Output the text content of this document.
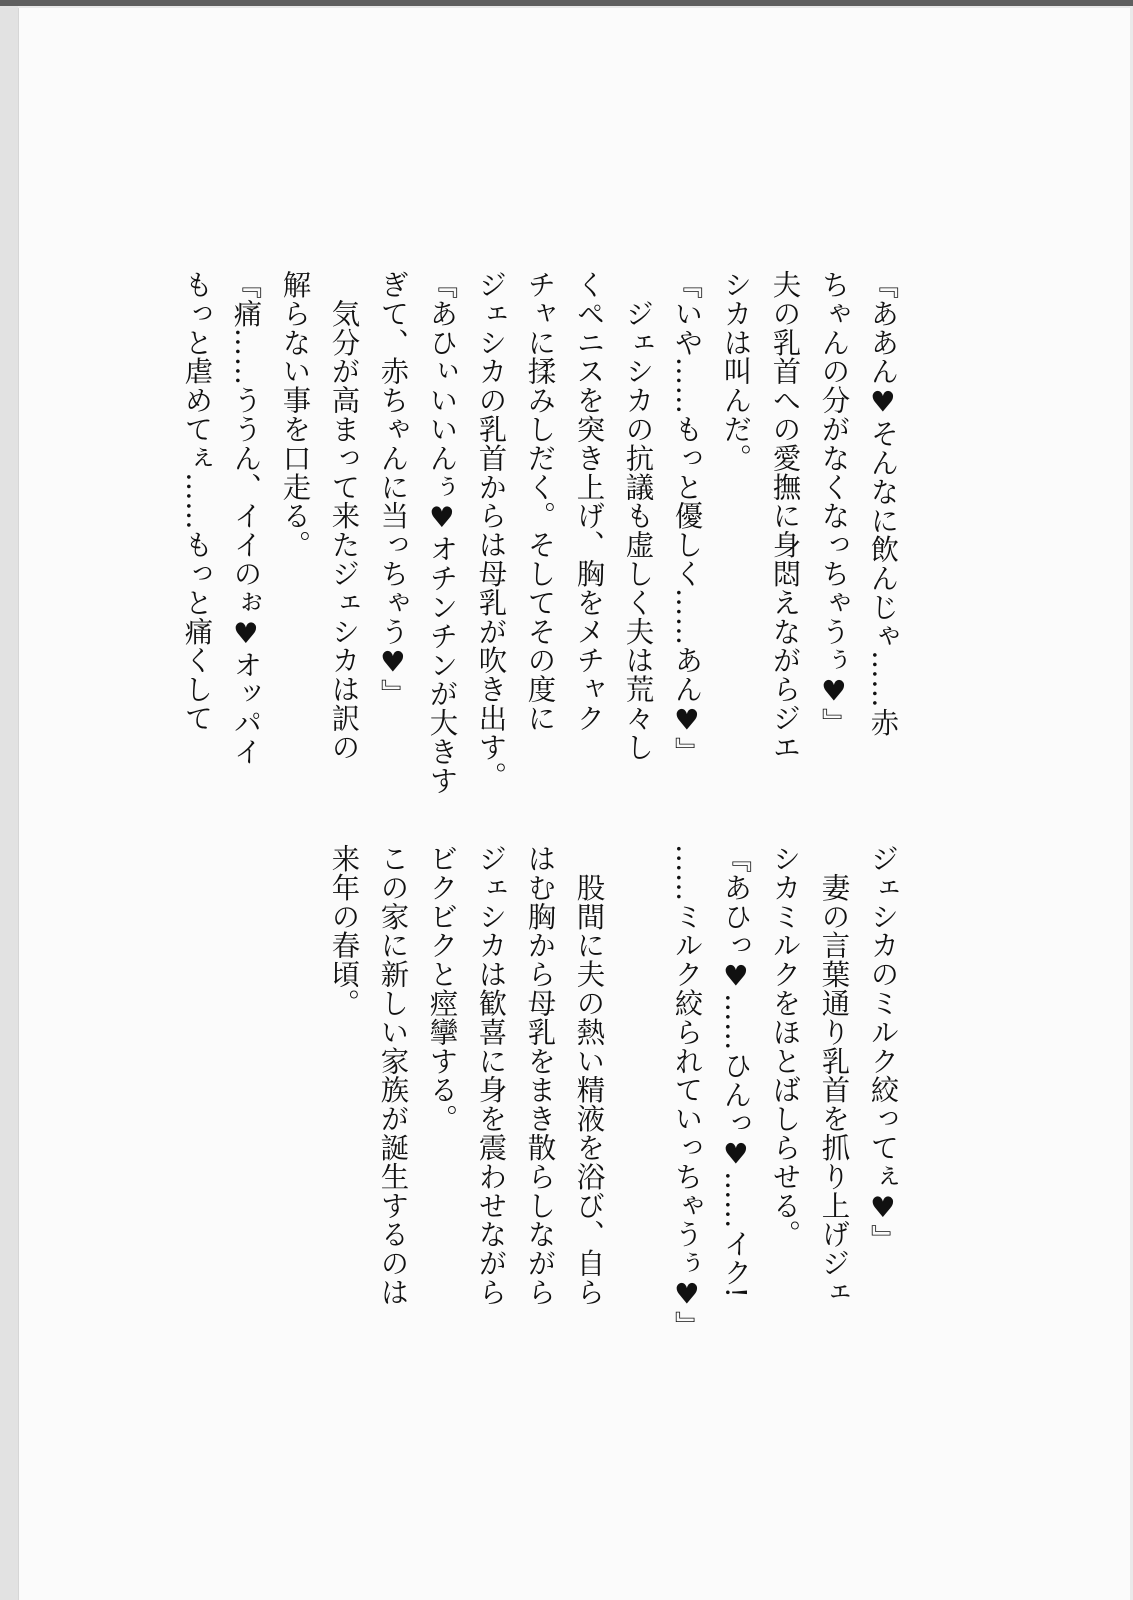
『ああん♥そんなに飲んじゃ……赤
ちゃんの分がなくなっちゃうぅ♥』
夫の乳首への愛撫に身悶えながらジエ
シカは叫んだ。
『いや……もっと優しく……あん♥』
　ジェシカの抗議も虚しく夫は荒々し
くペニスを突き上げ、胸をメチャク
チャに揉みしだく。そしてその度に
ジェシカの乳首からは母乳が吹き出す。
『あひぃいいんぅ♥オチンチンが大きす
ぎて、赤ちゃんに当っちゃう♥』
　気分が高まって来たジェシカは訳の
解らない事を口走る。
『痛……ううん、イイのぉ♥オッパイ
もっと虐めてぇ……もっと痛くして
ジェシカのミルク絞ってぇ♥』
　妻の言葉通り乳首を抓り上げジェ
シカミルクをほとばしらせる。
『あひっ♥……ひんっ♥……イク!
……ミルク絞られていっちゃうぅ♥』
　股間に夫の熱い精液を浴び、自ら
はむ胸から母乳をまき散らしながら
ジェシカは歓喜に身を震わせながら
ビクビクと痙攣する。
この家に新しい家族が誕生するのは
来年の春頃。
